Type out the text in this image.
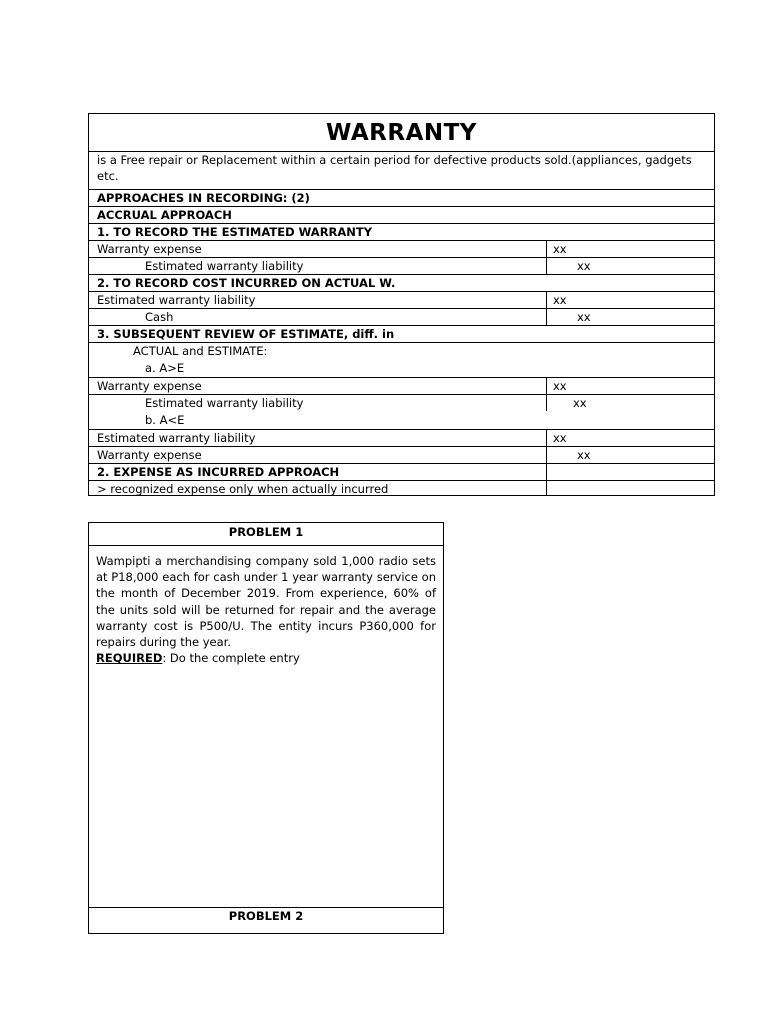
WARRANTY
is a Free repair or Replacement within a certain period for defective products sold.(appliances, gadgets etc.
APPROACHES IN RECORDING: (2)
ACCRUAL APPROACH
1. TO RECORD THE ESTIMATED WARRANTY
Warranty expense	xx
Estimated warranty liability	xx
2. TO RECORD COST INCURRED ON ACTUAL W.
Estimated warranty liability	xx
Cash	xx
3. SUBSEQUENT REVIEW OF ESTIMATE, diff. in
ACTUAL and ESTIMATE:
a. A>E
Warranty expense	xx
Estimated warranty liability	xx
b. A<E
Estimated warranty liability	xx
Warranty expense	xx
2. EXPENSE AS INCURRED APPROACH
> recognized expense only when actually incurred
PROBLEM 1
Wampipti a merchandising company sold 1,000 radio sets at P18,000 each for cash under 1 year warranty service on the month of December 2019. From experience, 60% of the units sold will be returned for repair and the average warranty cost is P500/U. The entity incurs P360,000 for repairs during the year.
REQUIRED: Do the complete entry
PROBLEM 2
